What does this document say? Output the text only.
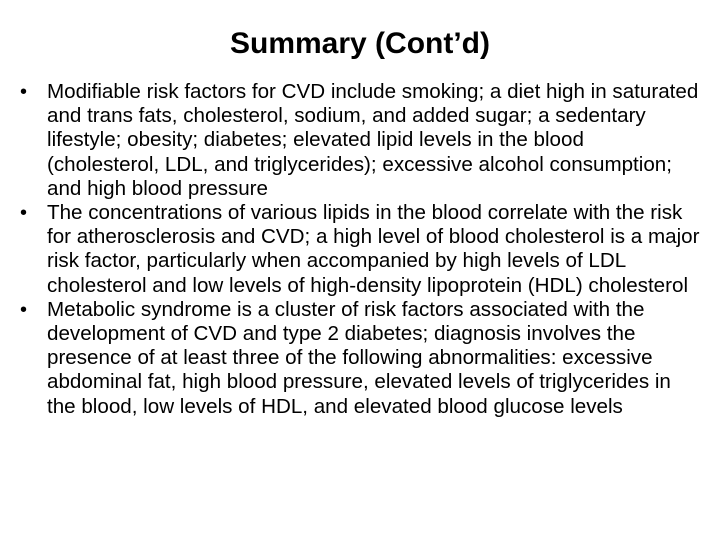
Summary (Cont’d)
• Modifiable risk factors for CVD include smoking; a diet high in saturated and trans fats, cholesterol, sodium, and added sugar; a sedentary lifestyle; obesity; diabetes; elevated lipid levels in the blood (cholesterol, LDL, and triglycerides); excessive alcohol consumption; and high blood pressure
• The concentrations of various lipids in the blood correlate with the risk for atherosclerosis and CVD; a high level of blood cholesterol is a major risk factor, particularly when accompanied by high levels of LDL cholesterol and low levels of high-density lipoprotein (HDL) cholesterol
• Metabolic syndrome is a cluster of risk factors associated with the development of CVD and type 2 diabetes; diagnosis involves the presence of at least three of the following abnormalities: excessive abdominal fat, high blood pressure, elevated levels of triglycerides in the blood, low levels of HDL, and elevated blood glucose levels
